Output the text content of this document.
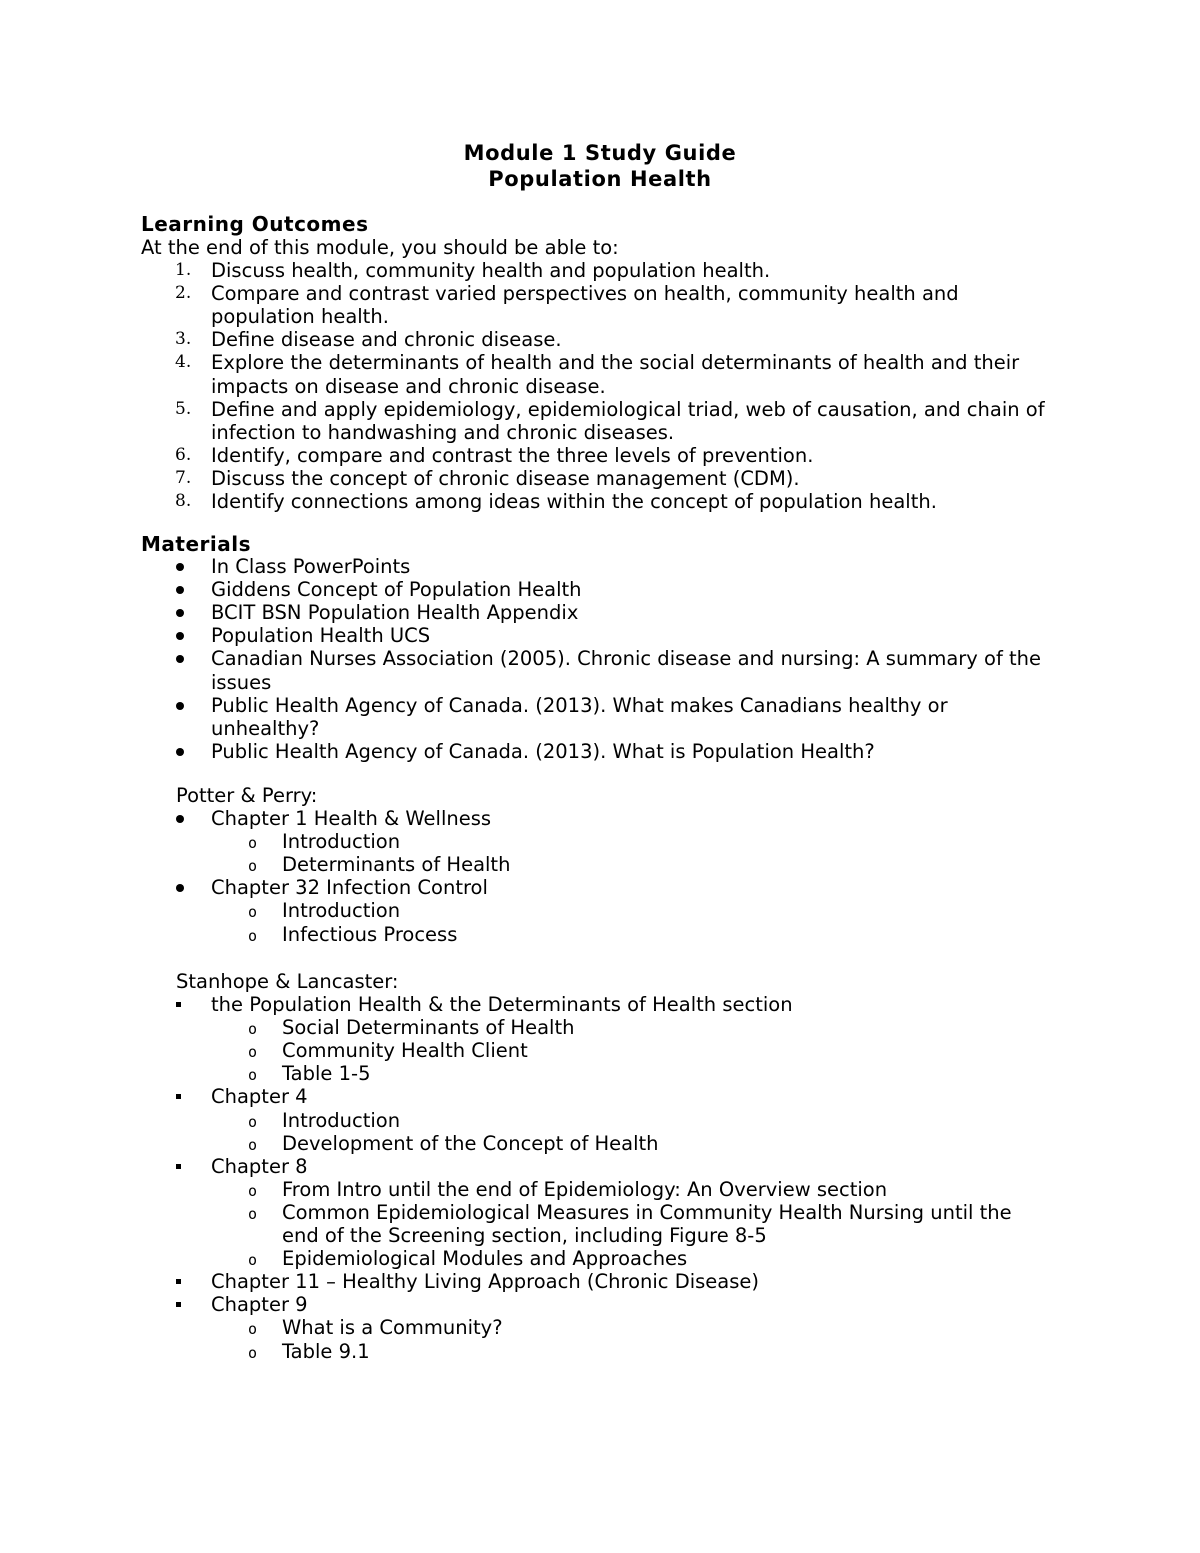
Module 1 Study Guide
Population Health
Learning Outcomes
At the end of this module, you should be able to:
1. Discuss health, community health and population health.
2. Compare and contrast varied perspectives on health, community health and
population health.
3. Define disease and chronic disease.
4. Explore the determinants of health and the social determinants of health and their
impacts on disease and chronic disease.
5. Define and apply epidemiology, epidemiological triad, web of causation, and chain of
infection to handwashing and chronic diseases.
6. Identify, compare and contrast the three levels of prevention.
7. Discuss the concept of chronic disease management (CDM).
8. Identify connections among ideas within the concept of population health.
Materials
In Class PowerPoints
Giddens Concept of Population Health
BCIT BSN Population Health Appendix
Population Health UCS
Canadian Nurses Association (2005). Chronic disease and nursing: A summary of the
issues
Public Health Agency of Canada. (2013). What makes Canadians healthy or
unhealthy?
Public Health Agency of Canada. (2013). What is Population Health?
Potter & Perry:
Chapter 1 Health & Wellness
o Introduction
o Determinants of Health
Chapter 32 Infection Control
o Introduction
o Infectious Process
Stanhope & Lancaster:
the Population Health & the Determinants of Health section
o Social Determinants of Health
o Community Health Client
o Table 1-5
Chapter 4
o Introduction
o Development of the Concept of Health
Chapter 8
o From Intro until the end of Epidemiology: An Overview section
o Common Epidemiological Measures in Community Health Nursing until the
end of the Screening section, including Figure 8-5
o Epidemiological Modules and Approaches
Chapter 11 – Healthy Living Approach (Chronic Disease)
Chapter 9
o What is a Community?
o Table 9.1
